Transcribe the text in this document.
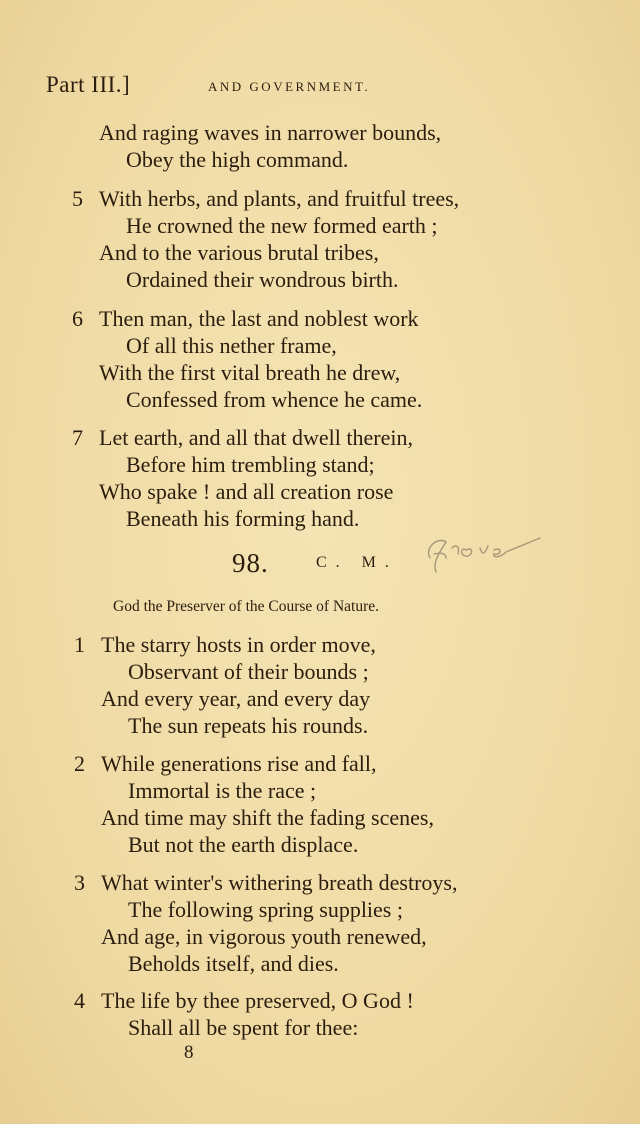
Part III.]	AND GOVERNMENT.
And raging waves in narrower bounds,
Obey the high command.
5 With herbs, and plants, and fruitful trees,
He crowned the new formed earth ;
And to the various brutal tribes,
Ordained their wondrous birth.
6 Then man, the last and noblest work
Of all this nether frame,
With the first vital breath he drew,
Confessed from whence he came.
7 Let earth, and all that dwell therein,
Before him trembling stand;
Who spake ! and all creation rose
Beneath his forming hand.
98.	C. M.
God the Preserver of the Course of Nature.
1 The starry hosts in order move,
Observant of their bounds ;
And every year, and every day
The sun repeats his rounds.
2 While generations rise and fall,
Immortal is the race ;
And time may shift the fading scenes,
But not the earth displace.
3 What winter's withering breath destroys,
The following spring supplies ;
And age, in vigorous youth renewed,
Beholds itself, and dies.
4 The life by thee preserved, O God !
Shall all be spent for thee:
8
